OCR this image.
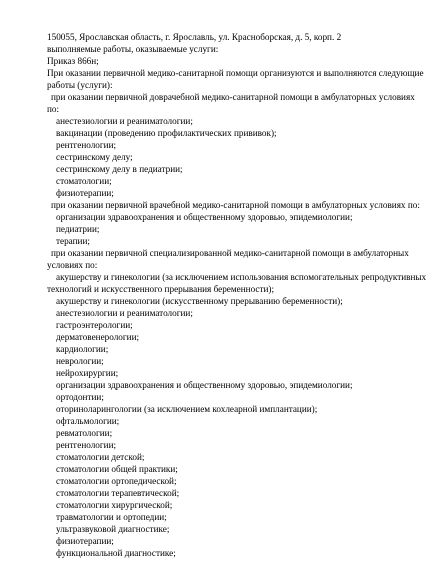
150055, Ярославская область, г. Ярославль, ул. Красноборская, д. 5, корп. 2
выполняемые работы, оказываемые услуги:
Приказ 866н;
При оказании первичной медико-санитарной помощи организуются и выполняются следующие
работы (услуги):
при оказании первичной доврачебной медико-санитарной помощи в амбулаторных условиях
по:
анестезиологии и реаниматологии;
вакцинации (проведению профилактических прививок);
рентгенологии;
сестринскому делу;
сестринскому делу в педиатрии;
стоматологии;
физиотерапии;
при оказании первичной врачебной медико-санитарной помощи в амбулаторных условиях по:
организации здравоохранения и общественному здоровью, эпидемиологии;
педиатрии;
терапии;
при оказании первичной специализированной медико-санитарной помощи в амбулаторных
условиях по:
акушерству и гинекологии (за исключением использования вспомогательных репродуктивных
технологий и искусственного прерывания беременности);
акушерству и гинекологии (искусственному прерыванию беременности);
анестезиологии и реаниматологии;
гастроэнтерологии;
дерматовенерологии;
кардиологии;
неврологии;
нейрохирургии;
организации здравоохранения и общественному здоровью, эпидемиологии;
ортодонтии;
оториноларингологии (за исключением кохлеарной имплантации);
офтальмологии;
ревматологии;
рентгенологии;
стоматологии детской;
стоматологии общей практики;
стоматологии ортопедической;
стоматологии терапевтической;
стоматологии хирургической;
травматологии и ортопедии;
ультразвуковой диагностике;
физиотерапии;
функциональной диагностике;
